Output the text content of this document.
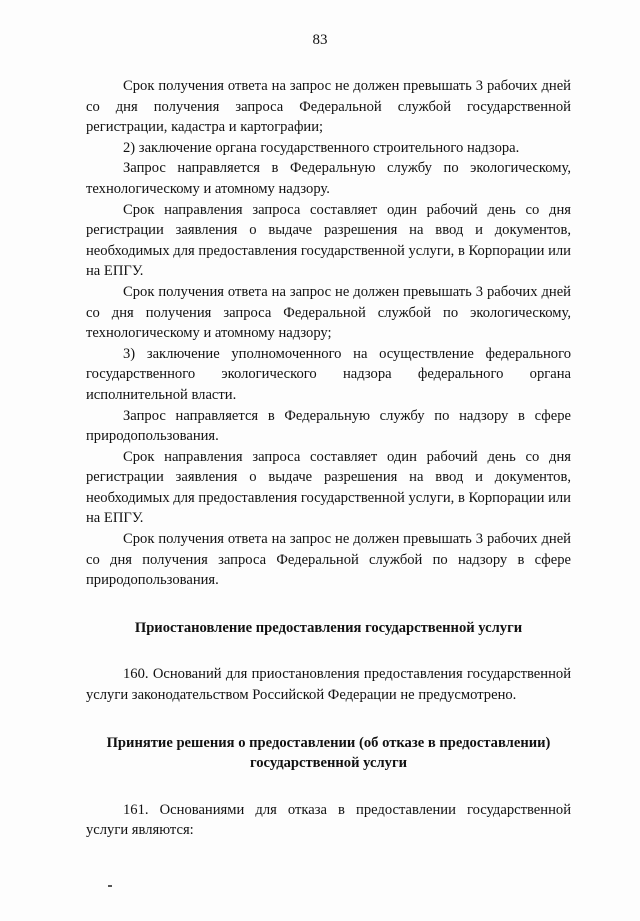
83

Срок получения ответа на запрос не должен превышать 3 рабочих дней со дня получения запроса Федеральной службой государственной регистрации, кадастра и картографии;

2) заключение органа государственного строительного надзора.

Запрос направляется в Федеральную службу по экологическому, технологическому и атомному надзору.

Срок направления запроса составляет один рабочий день со дня регистрации заявления о выдаче разрешения на ввод и документов, необходимых для предоставления государственной услуги, в Корпорации или на ЕПГУ.

Срок получения ответа на запрос не должен превышать 3 рабочих дней со дня получения запроса Федеральной службой по экологическому, технологическому и атомному надзору;

3) заключение уполномоченного на осуществление федерального государственного экологического надзора федерального органа исполнительной власти.

Запрос направляется в Федеральную службу по надзору в сфере природопользования.

Срок направления запроса составляет один рабочий день со дня регистрации заявления о выдаче разрешения на ввод и документов, необходимых для предоставления государственной услуги, в Корпорации или на ЕПГУ.

Срок получения ответа на запрос не должен превышать 3 рабочих дней со дня получения запроса Федеральной службой по надзору в сфере природопользования.

Приостановление предоставления государственной услуги

160. Оснований для приостановления предоставления государственной услуги законодательством Российской Федерации не предусмотрено.

Принятие решения о предоставлении (об отказе в предоставлении) государственной услуги

161. Основаниями для отказа в предоставлении государственной услуги являются:
